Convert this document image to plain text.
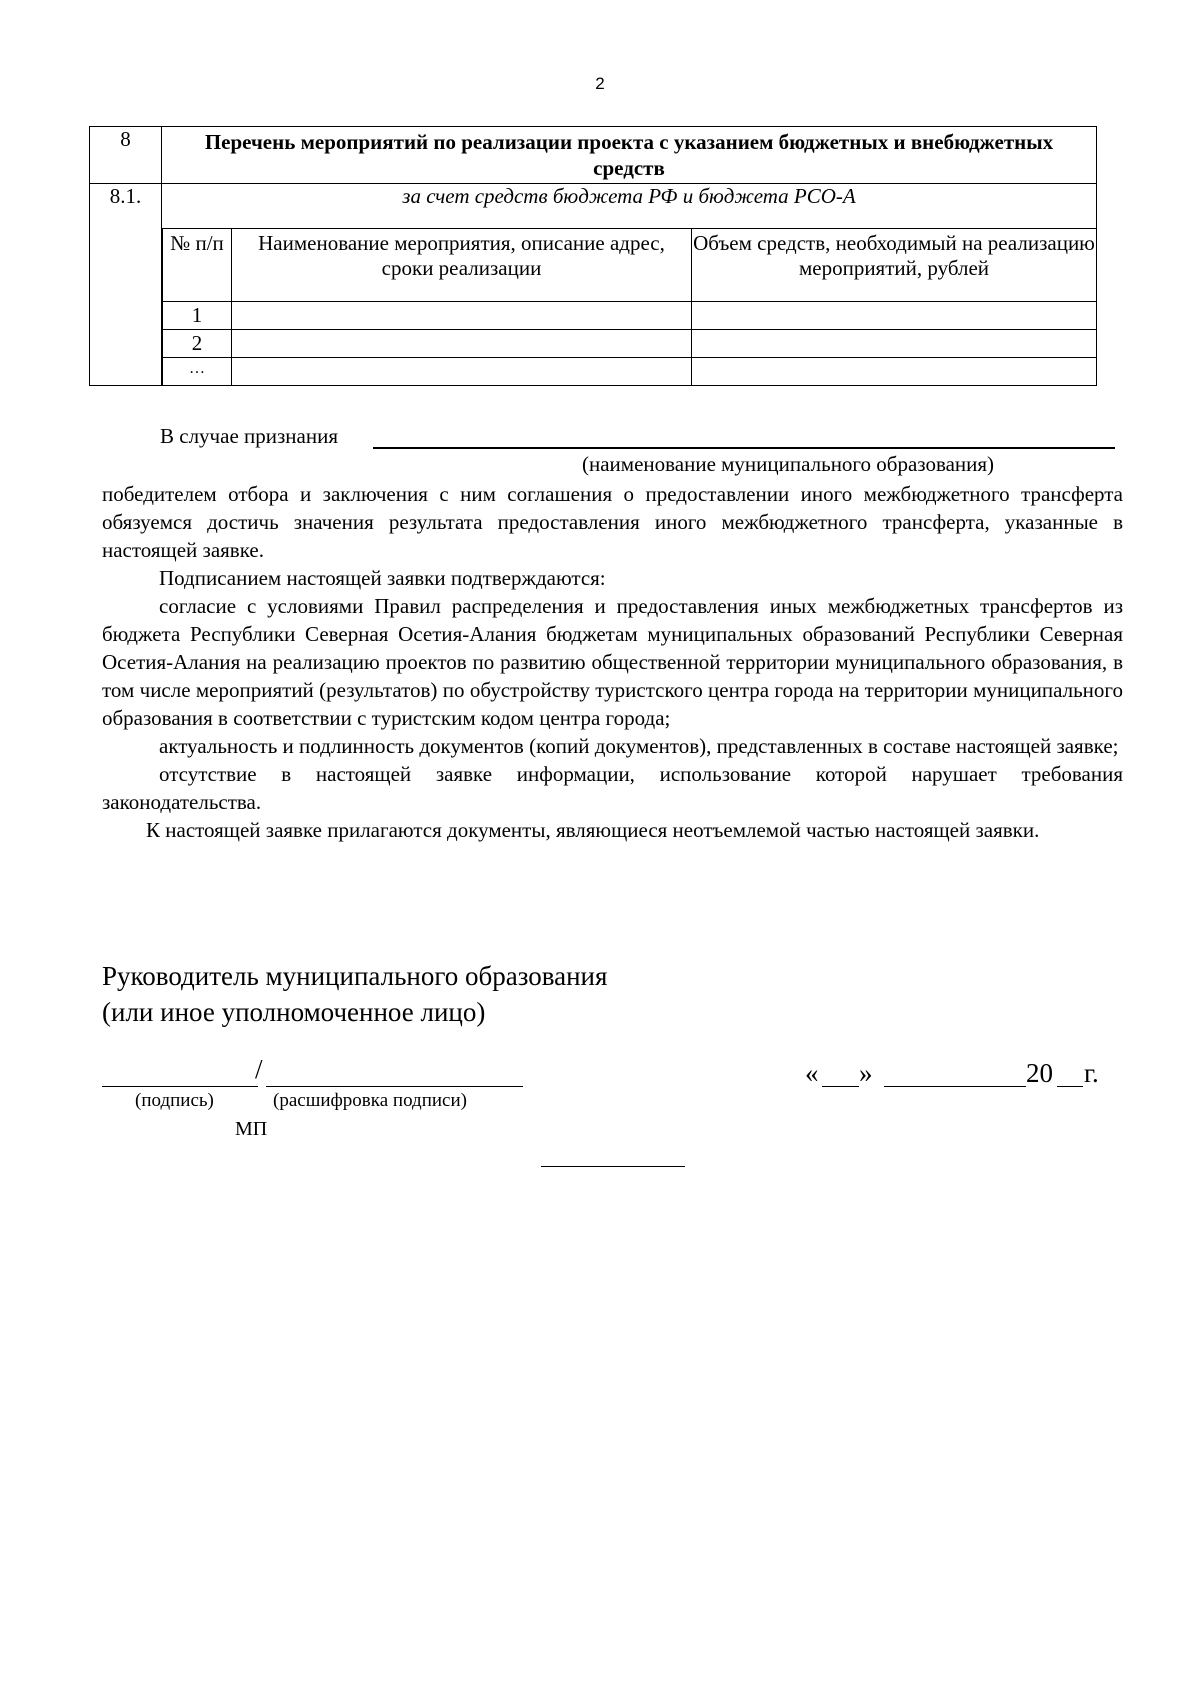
2
8	Перечень мероприятий по реализации проекта с указанием бюджетных и внебюджетных средств
8.1.	за счет средств бюджета РФ и бюджета РСО-А
№ п/п	Наименование мероприятия, описание адрес, сроки реализации	Объем средств, необходимый на реализацию мероприятий, рублей
1		
2		
…		
В случае признания
(наименование муниципального образования)

победителем отбора и заключения с ним соглашения о предоставлении иного межбюджетного трансферта обязуемся достичь значения результата предоставления иного межбюджетного трансферта, указанные в настоящей заявке.

Подписанием настоящей заявки подтверждаются:

согласие с условиями Правил распределения и предоставления иных межбюджетных трансфертов из бюджета Республики Северная Осетия-Алания бюджетам муниципальных образований Республики Северная Осетия-Алания на реализацию проектов по развитию общественной территории муниципального образования, в том числе мероприятий (результатов) по обустройству туристского центра города на территории муниципального образования в соответствии с туристским кодом центра города;

актуальность и подлинность документов (копий документов), представленных в составе настоящей заявке;

отсутствие в настоящей заявке информации, использование которой нарушает требования законодательства.

К настоящей заявке прилагаются документы, являющиеся неотъемлемой частью настоящей заявки.

Руководитель муниципального образования
(или иное уполномоченное лицо)
/
(подпись)	(расшифровка подписи)
МП
« »	20 г.
